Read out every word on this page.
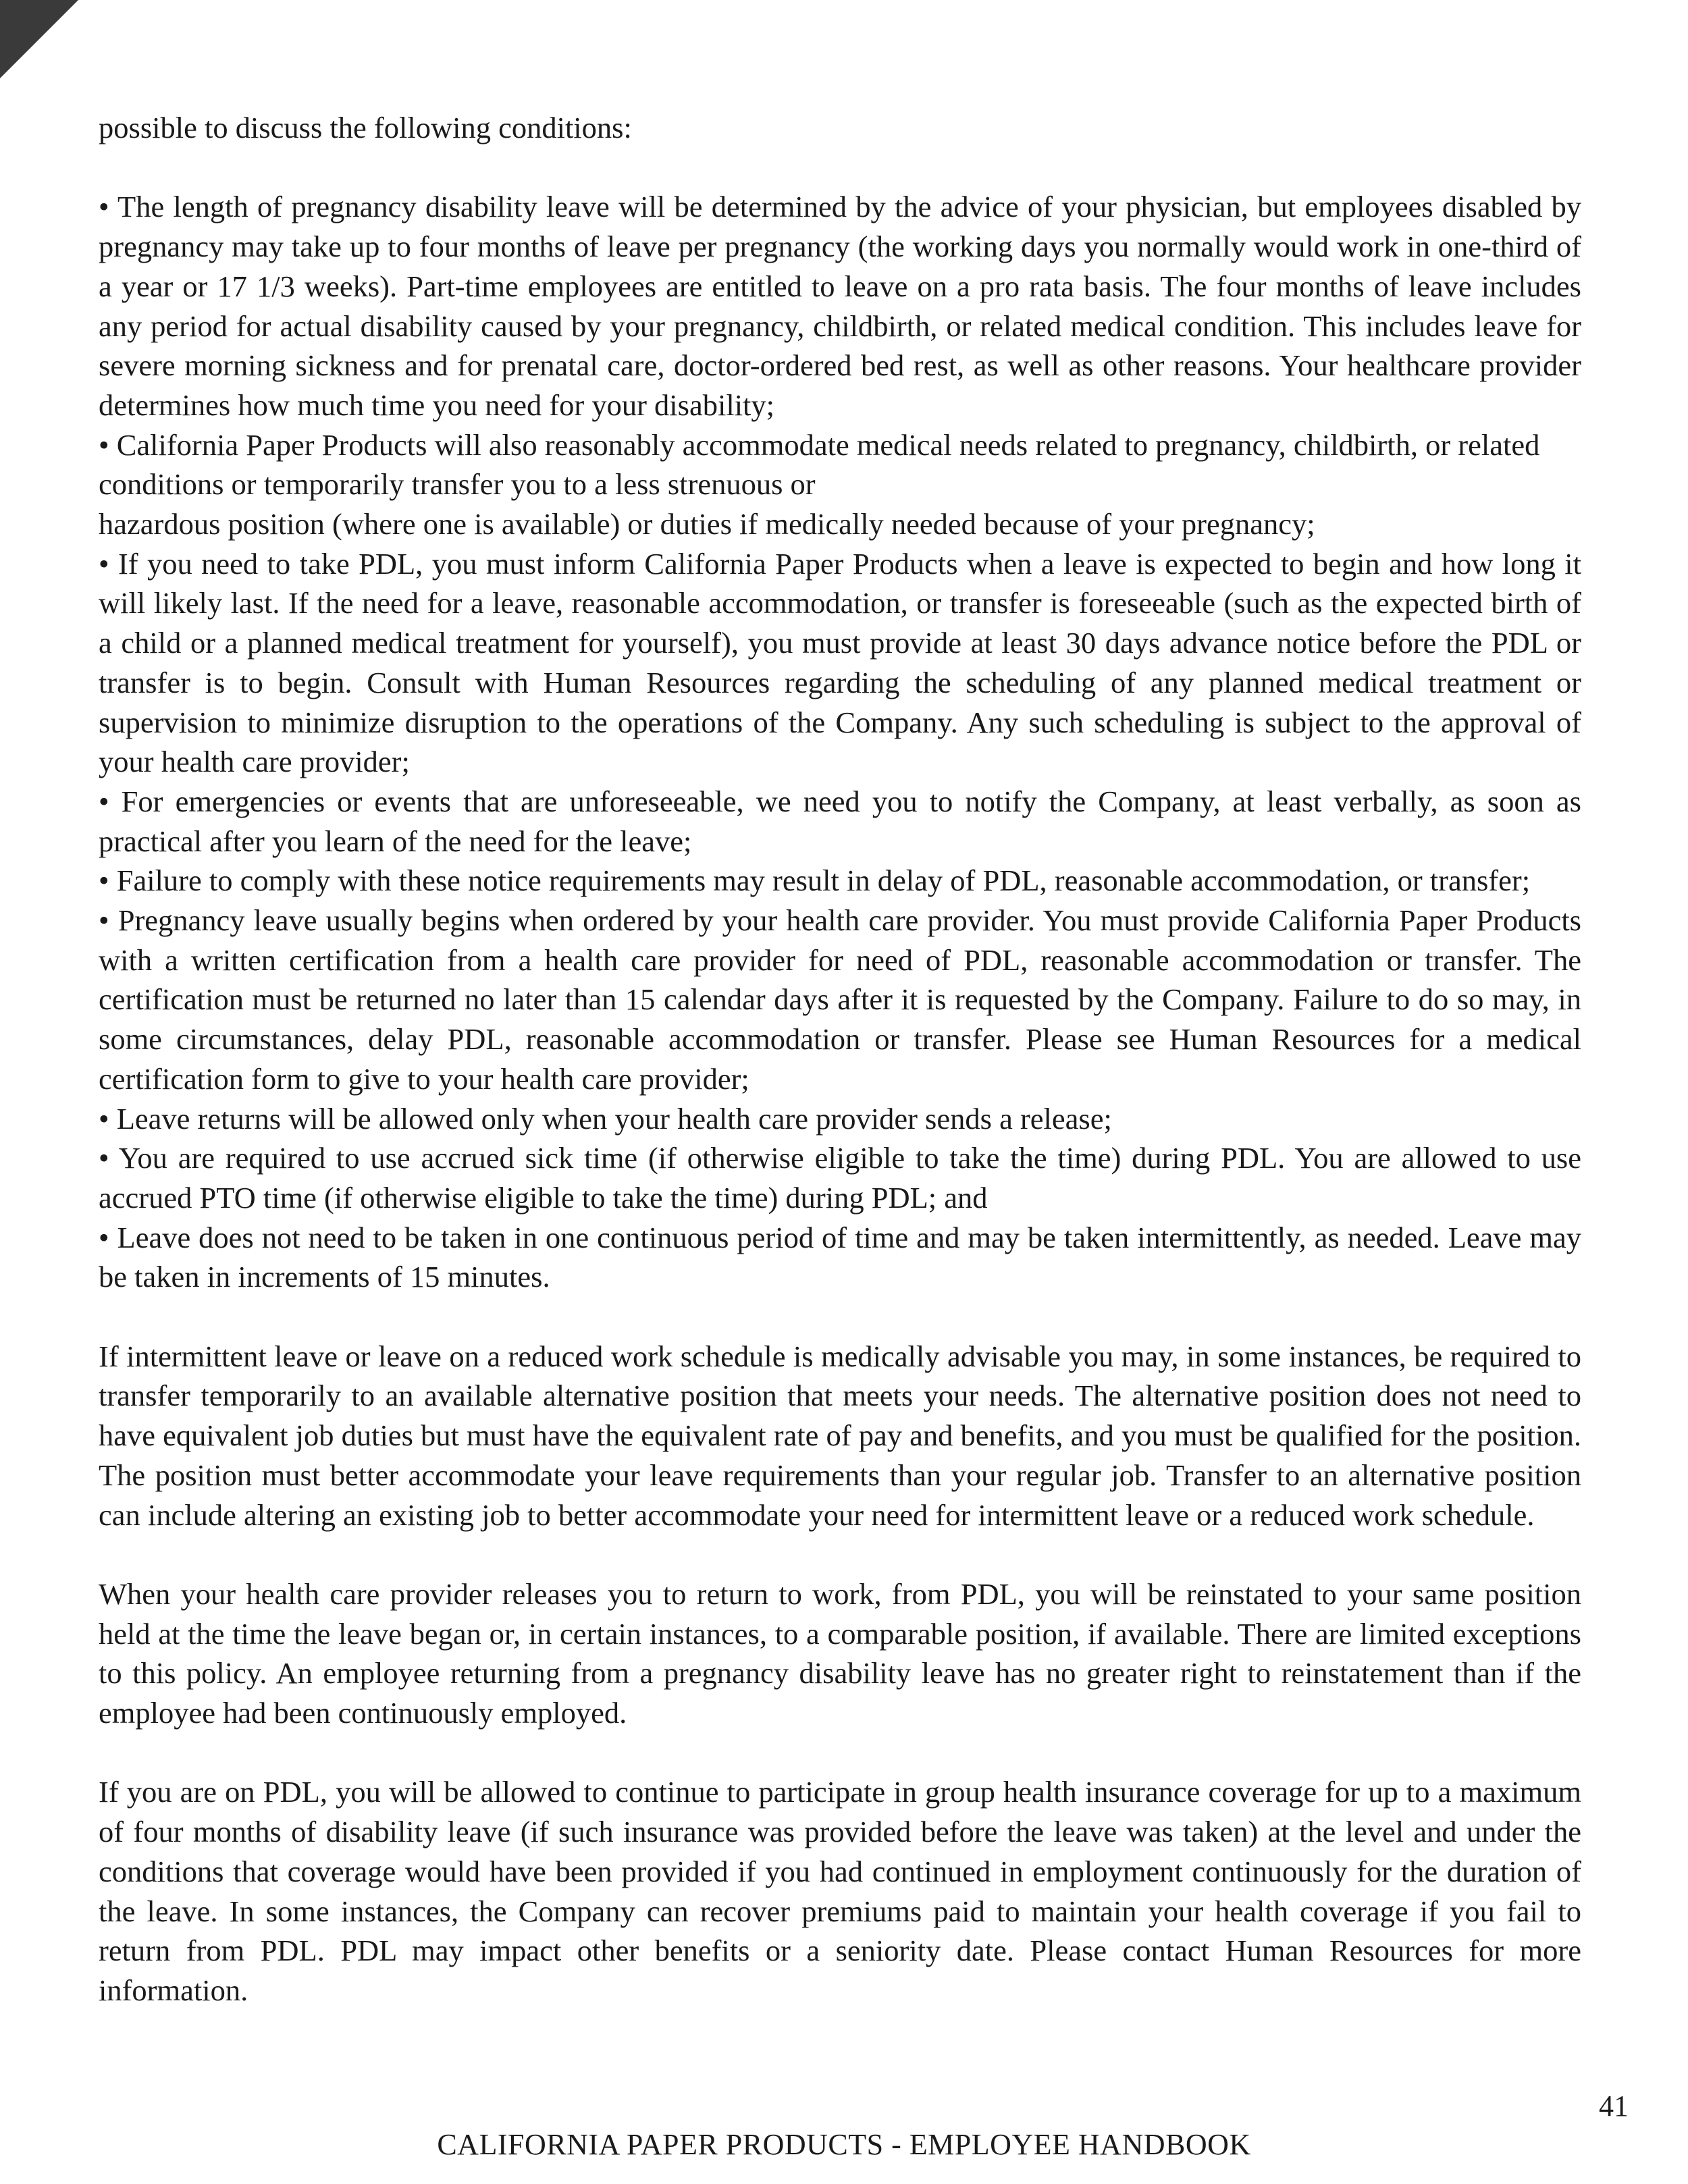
possible to discuss the following conditions:

• The length of pregnancy disability leave will be determined by the advice of your physician, but employees disabled by pregnancy may take up to four months of leave per pregnancy (the working days you normally would work in one-third of a year or 17 1/3 weeks). Part-time employees are entitled to leave on a pro rata basis. The four months of leave includes any period for actual disability caused by your pregnancy, childbirth, or related medical condition. This includes leave for severe morning sickness and for prenatal care, doctor-ordered bed rest, as well as other reasons. Your healthcare provider determines how much time you need for your disability;

• California Paper Products will also reasonably accommodate medical needs related to pregnancy, childbirth, or related conditions or temporarily transfer you to a less strenuous or

hazardous position (where one is available) or duties if medically needed because of your pregnancy;

• If you need to take PDL, you must inform California Paper Products when a leave is expected to begin and how long it will likely last. If the need for a leave, reasonable accommodation, or transfer is foreseeable (such as the expected birth of a child or a planned medical treatment for yourself), you must provide at least 30 days advance notice before the PDL or transfer is to begin. Consult with Human Resources regarding the scheduling of any planned medical treatment or supervision to minimize disruption to the operations of the Company. Any such scheduling is subject to the approval of your health care provider;

• For emergencies or events that are unforeseeable, we need you to notify the Company, at least verbally, as soon as practical after you learn of the need for the leave;

• Failure to comply with these notice requirements may result in delay of PDL, reasonable accommodation, or transfer;

• Pregnancy leave usually begins when ordered by your health care provider. You must provide California Paper Products with a written certification from a health care provider for need of PDL, reasonable accommodation or transfer. The certification must be returned no later than 15 calendar days after it is requested by the Company. Failure to do so may, in some circumstances, delay PDL, reasonable accommodation or transfer. Please see Human Resources for a medical certification form to give to your health care provider;

• Leave returns will be allowed only when your health care provider sends a release;

• You are required to use accrued sick time (if otherwise eligible to take the time) during PDL. You are allowed to use accrued PTO time (if otherwise eligible to take the time) during PDL; and

• Leave does not need to be taken in one continuous period of time and may be taken intermittently, as needed. Leave may be taken in increments of 15 minutes.

If intermittent leave or leave on a reduced work schedule is medically advisable you may, in some instances, be required to transfer temporarily to an available alternative position that meets your needs. The alternative position does not need to have equivalent job duties but must have the equivalent rate of pay and benefits, and you must be qualified for the position. The position must better accommodate your leave requirements than your regular job. Transfer to an alternative position can include altering an existing job to better accommodate your need for intermittent leave or a reduced work schedule.

When your health care provider releases you to return to work, from PDL, you will be reinstated to your same position held at the time the leave began or, in certain instances, to a comparable position, if available. There are limited exceptions to this policy. An employee returning from a pregnancy disability leave has no greater right to reinstatement than if the employee had been continuously employed.

If you are on PDL, you will be allowed to continue to participate in group health insurance coverage for up to a maximum of four months of disability leave (if such insurance was provided before the leave was taken) at the level and under the conditions that coverage would have been provided if you had continued in employment continuously for the duration of the leave. In some instances, the Company can recover premiums paid to maintain your health coverage if you fail to return from PDL. PDL may impact other benefits or a seniority date. Please contact Human Resources for more information.

41
CALIFORNIA PAPER PRODUCTS - EMPLOYEE HANDBOOK
